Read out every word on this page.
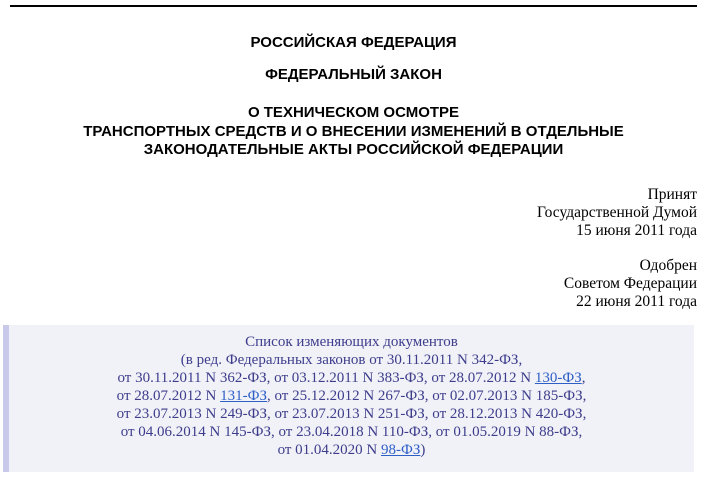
РОССИЙСКАЯ ФЕДЕРАЦИЯ
ФЕДЕРАЛЬНЫЙ ЗАКОН
О ТЕХНИЧЕСКОМ ОСМОТРЕ
ТРАНСПОРТНЫХ СРЕДСТВ И О ВНЕСЕНИИ ИЗМЕНЕНИЙ В ОТДЕЛЬНЫЕ
ЗАКОНОДАТЕЛЬНЫЕ АКТЫ РОССИЙСКОЙ ФЕДЕРАЦИИ
Принят
Государственной Думой
15 июня 2011 года
Одобрен
Советом Федерации
22 июня 2011 года
Список изменяющих документов
(в ред. Федеральных законов от 30.11.2011 N 342-ФЗ,
от 30.11.2011 N 362-ФЗ, от 03.12.2011 N 383-ФЗ, от 28.07.2012 N 130-ФЗ,
от 28.07.2012 N 131-ФЗ, от 25.12.2012 N 267-ФЗ, от 02.07.2013 N 185-ФЗ,
от 23.07.2013 N 249-ФЗ, от 23.07.2013 N 251-ФЗ, от 28.12.2013 N 420-ФЗ,
от 04.06.2014 N 145-ФЗ, от 23.04.2018 N 110-ФЗ, от 01.05.2019 N 88-ФЗ,
от 01.04.2020 N 98-ФЗ)
